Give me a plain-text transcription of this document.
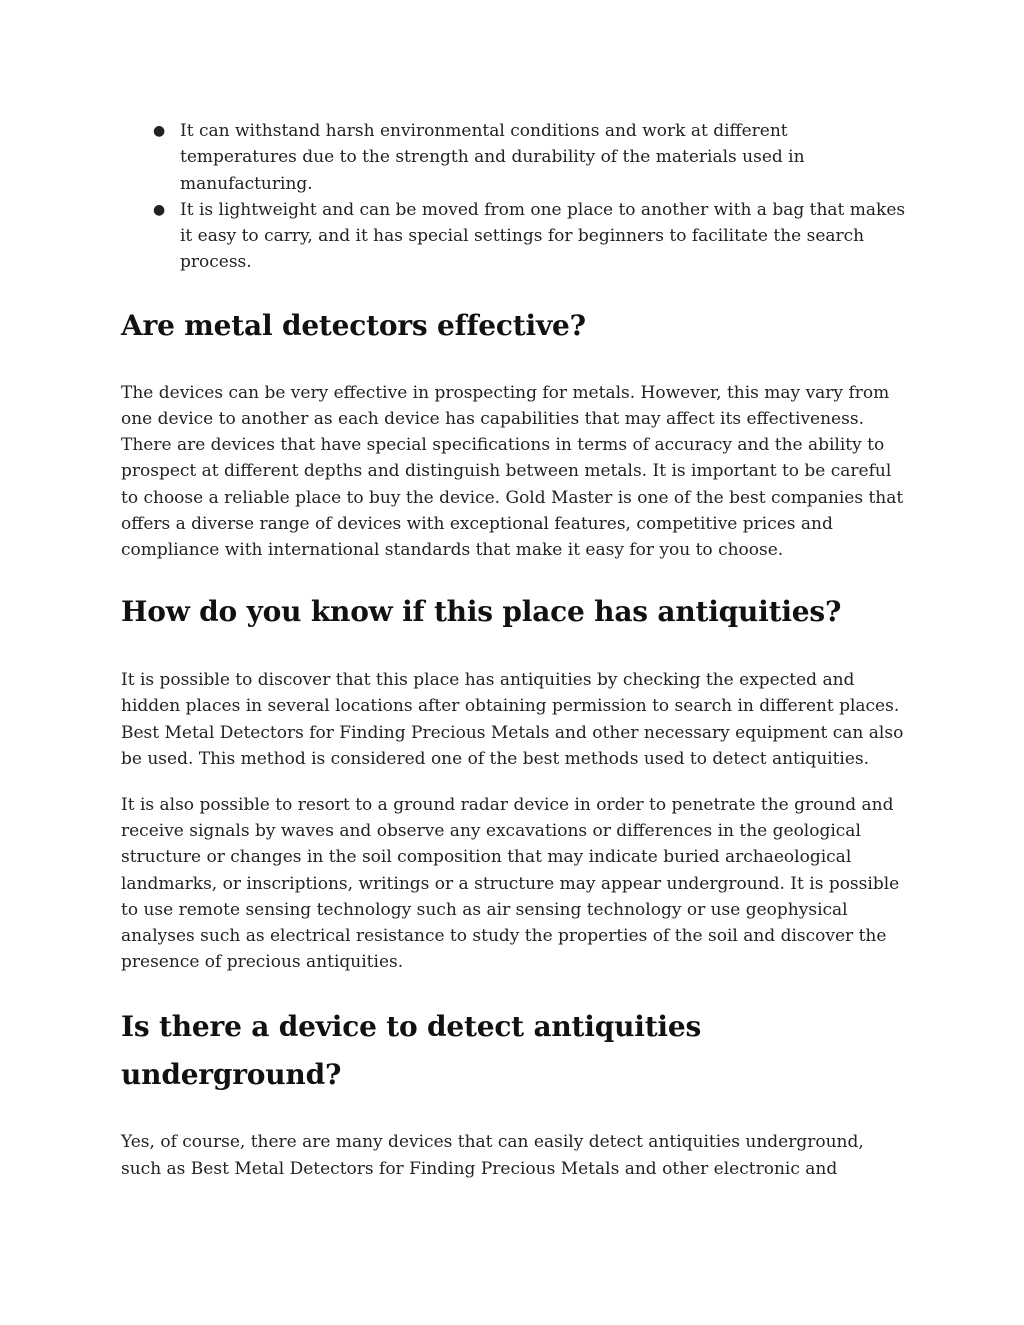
● It can withstand harsh environmental conditions and work at different temperatures due to the strength and durability of the materials used in manufacturing.
● It is lightweight and can be moved from one place to another with a bag that makes it easy to carry, and it has special settings for beginners to facilitate the search process.
Are metal detectors effective?

The devices can be very effective in prospecting for metals. However, this may vary from one device to another as each device has capabilities that may affect its effectiveness. There are devices that have special specifications in terms of accuracy and the ability to prospect at different depths and distinguish between metals. It is important to be careful to choose a reliable place to buy the device. Gold Master is one of the best companies that offers a diverse range of devices with exceptional features, competitive prices and compliance with international standards that make it easy for you to choose.

How do you know if this place has antiquities?

It is possible to discover that this place has antiquities by checking the expected and hidden places in several locations after obtaining permission to search in different places. Best Metal Detectors for Finding Precious Metals and other necessary equipment can also be used. This method is considered one of the best methods used to detect antiquities.

It is also possible to resort to a ground radar device in order to penetrate the ground and receive signals by waves and observe any excavations or differences in the geological structure or changes in the soil composition that may indicate buried archaeological landmarks, or inscriptions, writings or a structure may appear underground. It is possible to use remote sensing technology such as air sensing technology or use geophysical analyses such as electrical resistance to study the properties of the soil and discover the presence of precious antiquities.

Is there a device to detect antiquities underground?

Yes, of course, there are many devices that can easily detect antiquities underground, such as Best Metal Detectors for Finding Precious Metals and other electronic and
